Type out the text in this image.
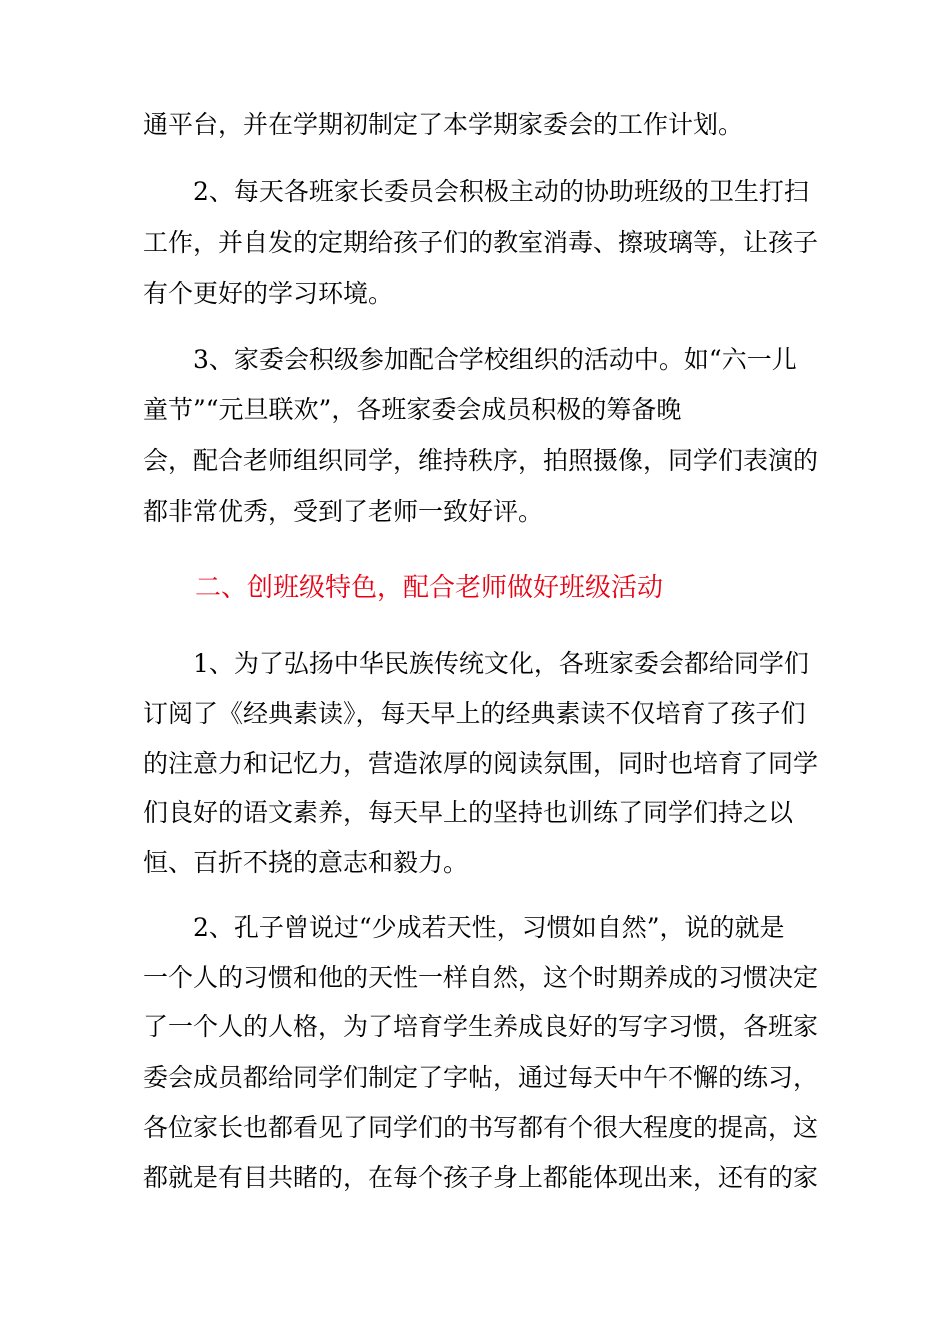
通平台，并在学期初制定了本学期家委会的工作计划。
2、每天各班家长委员会积极主动的协助班级的卫生打扫
工作，并自发的定期给孩子们的教室消毒、擦玻璃等，让孩子
有个更好的学习环境。
3、家委会积级参加配合学校组织的活动中。如“六一儿
童节”“元旦联欢”，各班家委会成员积极的筹备晚
会，配合老师组织同学，维持秩序，拍照摄像，同学们表演的
都非常优秀，受到了老师一致好评。
二、创班级特色，配合老师做好班级活动
1、为了弘扬中华民族传统文化，各班家委会都给同学们
订阅了《经典素读》，每天早上的经典素读不仅培育了孩子们
的注意力和记忆力，营造浓厚的阅读氛围，同时也培育了同学
们良好的语文素养，每天早上的坚持也训练了同学们持之以
恒、百折不挠的意志和毅力。
2、孔子曾说过“少成若天性，习惯如自然”，说的就是
一个人的习惯和他的天性一样自然，这个时期养成的习惯决定
了一个人的人格，为了培育学生养成良好的写字习惯，各班家
委会成员都给同学们制定了字帖，通过每天中午不懈的练习，
各位家长也都看见了同学们的书写都有个很大程度的提高，这
都就是有目共睹的，在每个孩子身上都能体现出来，还有的家
